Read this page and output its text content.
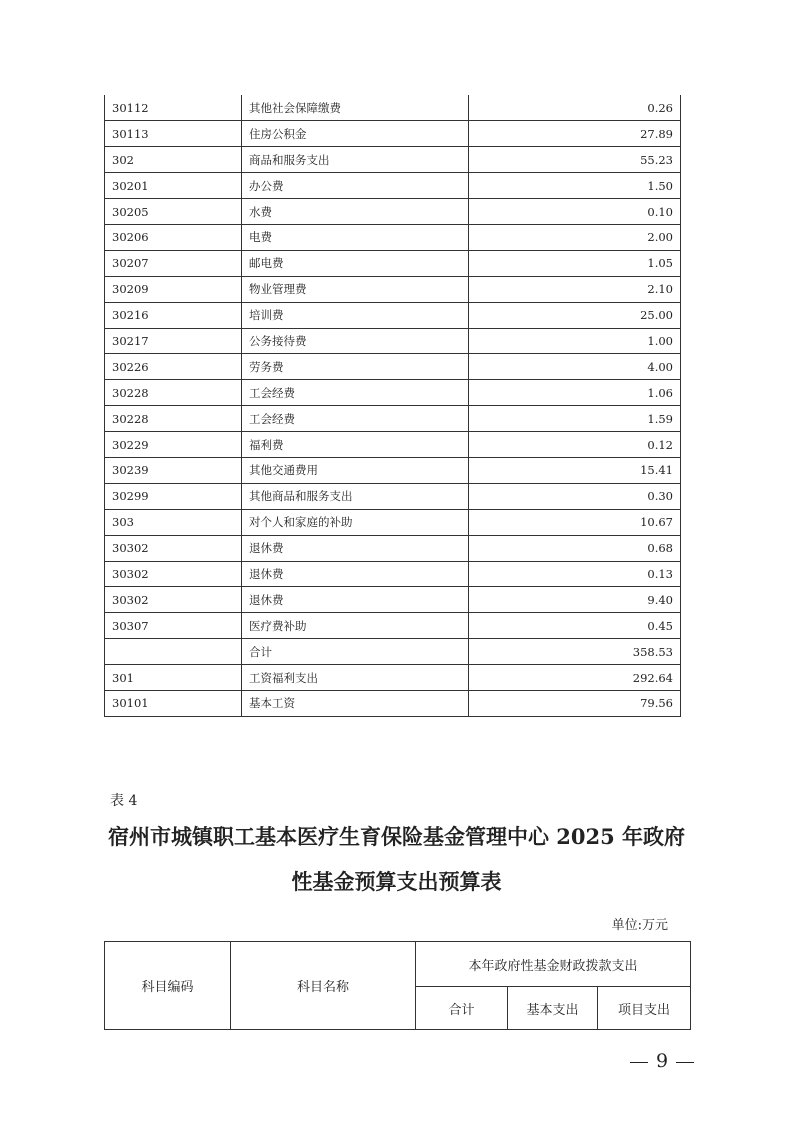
30112	其他社会保障缴费	0.26
30113	住房公积金	27.89
302	商品和服务支出	55.23
30201	办公费	1.50
30205	水费	0.10
30206	电费	2.00
30207	邮电费	1.05
30209	物业管理费	2.10
30216	培训费	25.00
30217	公务接待费	1.00
30226	劳务费	4.00
30228	工会经费	1.06
30228	工会经费	1.59
30229	福利费	0.12
30239	其他交通费用	15.41
30299	其他商品和服务支出	0.30
303	对个人和家庭的补助	10.67
30302	退休费	0.68
30302	退休费	0.13
30302	退休费	9.40
30307	医疗费补助	0.45
	合计	358.53
301	工资福利支出	292.64
30101	基本工资	79.56
表 4
宿州市城镇职工基本医疗生育保险基金管理中心 2025 年政府
性基金预算支出预算表
单位:万元
科目编码	科目名称	本年政府性基金财政拨款支出		
		合计	基本支出	项目支出
9
